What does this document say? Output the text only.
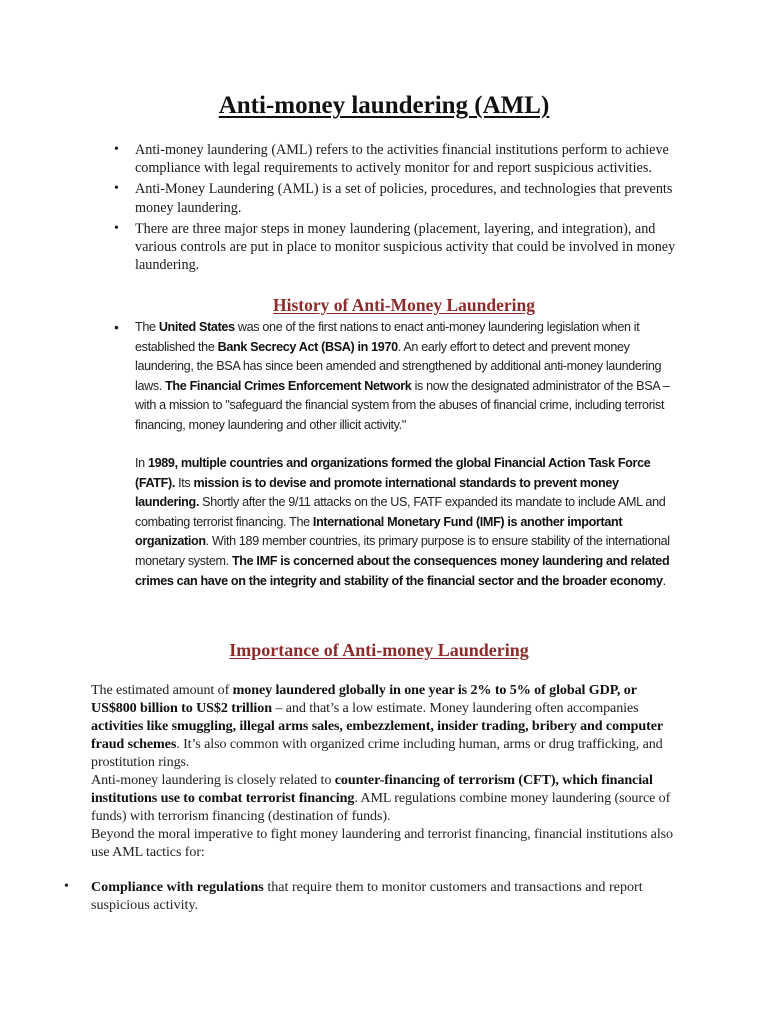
Anti-money laundering (AML)
• Anti-money laundering (AML) refers to the activities financial institutions perform to achieve compliance with legal requirements to actively monitor for and report suspicious activities.
• Anti-Money Laundering (AML) is a set of policies, procedures, and technologies that prevents money laundering.
• There are three major steps in money laundering (placement, layering, and integration), and various controls are put in place to monitor suspicious activity that could be involved in money laundering.
History of Anti-Money Laundering
• The United States was one of the first nations to enact anti-money laundering legislation when it established the Bank Secrecy Act (BSA) in 1970. An early effort to detect and prevent money laundering, the BSA has since been amended and strengthened by additional anti-money laundering laws. The Financial Crimes Enforcement Network is now the designated administrator of the BSA – with a mission to "safeguard the financial system from the abuses of financial crime, including terrorist financing, money laundering and other illicit activity."
In 1989, multiple countries and organizations formed the global Financial Action Task Force (FATF). Its mission is to devise and promote international standards to prevent money laundering. Shortly after the 9/11 attacks on the US, FATF expanded its mandate to include AML and combating terrorist financing. The International Monetary Fund (IMF) is another important organization. With 189 member countries, its primary purpose is to ensure stability of the international monetary system. The IMF is concerned about the consequences money laundering and related crimes can have on the integrity and stability of the financial sector and the broader economy.
Importance of Anti-money Laundering

The estimated amount of money laundered globally in one year is 2% to 5% of global GDP, or US$800 billion to US$2 trillion – and that’s a low estimate. Money laundering often accompanies activities like smuggling, illegal arms sales, embezzlement, insider trading, bribery and computer fraud schemes. It’s also common with organized crime including human, arms or drug trafficking, and prostitution rings.

Anti-money laundering is closely related to counter-financing of terrorism (CFT), which financial institutions use to combat terrorist financing. AML regulations combine money laundering (source of funds) with terrorism financing (destination of funds).

Beyond the moral imperative to fight money laundering and terrorist financing, financial institutions also use AML tactics for:

• Compliance with regulations that require them to monitor customers and transactions and report suspicious activity.
